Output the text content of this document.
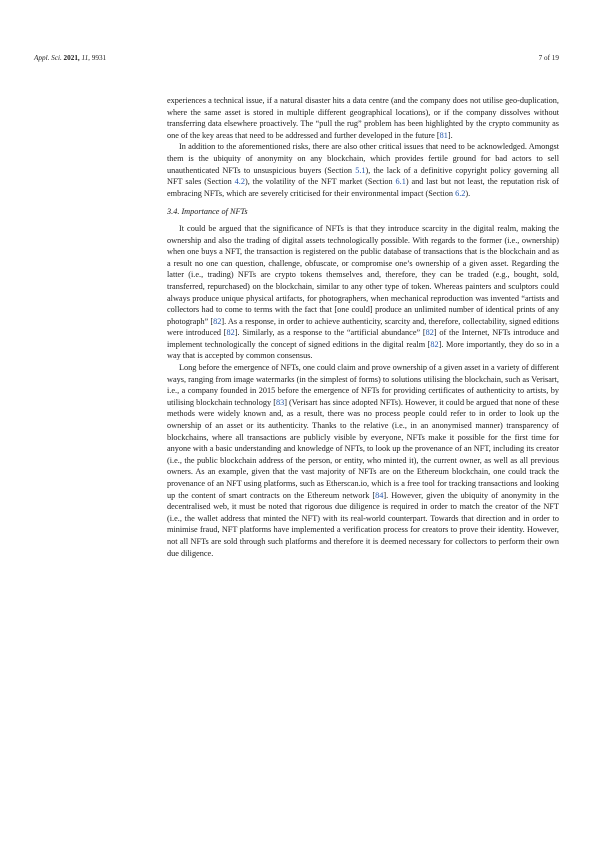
Appl. Sci. 2021, 11, 9931	7 of 19

experiences a technical issue, if a natural disaster hits a data centre (and the company does not utilise geo-duplication, where the same asset is stored in multiple different geographical locations), or if the company dissolves without transferring data elsewhere proactively. The “pull the rug” problem has been highlighted by the crypto community as one of the key areas that need to be addressed and further developed in the future [81].

In addition to the aforementioned risks, there are also other critical issues that need to be acknowledged. Amongst them is the ubiquity of anonymity on any blockchain, which provides fertile ground for bad actors to sell unauthenticated NFTs to unsuspicious buyers (Section 5.1), the lack of a definitive copyright policy governing all NFT sales (Section 4.2), the volatility of the NFT market (Section 6.1) and last but not least, the reputation risk of embracing NFTs, which are severely criticised for their environmental impact (Section 6.2).

3.4. Importance of NFTs

It could be argued that the significance of NFTs is that they introduce scarcity in the digital realm, making the ownership and also the trading of digital assets technologically possible. With regards to the former (i.e., ownership) when one buys a NFT, the transaction is registered on the public database of transactions that is the blockchain and as a result no one can question, challenge, obfuscate, or compromise one’s ownership of a given asset. Regarding the latter (i.e., trading) NFTs are crypto tokens themselves and, therefore, they can be traded (e.g., bought, sold, transferred, repurchased) on the blockchain, similar to any other type of token. Whereas painters and sculptors could always produce unique physical artifacts, for photographers, when mechanical reproduction was invented “artists and collectors had to come to terms with the fact that [one could] produce an unlimited number of identical prints of any photograph” [82]. As a response, in order to achieve authenticity, scarcity and, therefore, collectability, signed editions were introduced [82]. Similarly, as a response to the “artificial abundance” [82] of the Internet, NFTs introduce and implement technologically the concept of signed editions in the digital realm [82]. More importantly, they do so in a way that is accepted by common consensus.

Long before the emergence of NFTs, one could claim and prove ownership of a given asset in a variety of different ways, ranging from image watermarks (in the simplest of forms) to solutions utilising the blockchain, such as Verisart, i.e., a company founded in 2015 before the emergence of NFTs for providing certificates of authenticity to artists, by utilising blockchain technology [83] (Verisart has since adopted NFTs). However, it could be argued that none of these methods were widely known and, as a result, there was no process people could refer to in order to look up the ownership of an asset or its authenticity. Thanks to the relative (i.e., in an anonymised manner) transparency of blockchains, where all transactions are publicly visible by everyone, NFTs make it possible for the first time for anyone with a basic understanding and knowledge of NFTs, to look up the provenance of an NFT, including its creator (i.e., the public blockchain address of the person, or entity, who minted it), the current owner, as well as all previous owners. As an example, given that the vast majority of NFTs are on the Ethereum blockchain, one could track the provenance of an NFT using platforms, such as Etherscan.io, which is a free tool for tracking transactions and looking up the content of smart contracts on the Ethereum network [84]. However, given the ubiquity of anonymity in the decentralised web, it must be noted that rigorous due diligence is required in order to match the creator of the NFT (i.e., the wallet address that minted the NFT) with its real-world counterpart. Towards that direction and in order to minimise fraud, NFT platforms have implemented a verification process for creators to prove their identity. However, not all NFTs are sold through such platforms and therefore it is deemed necessary for collectors to perform their own due diligence.
